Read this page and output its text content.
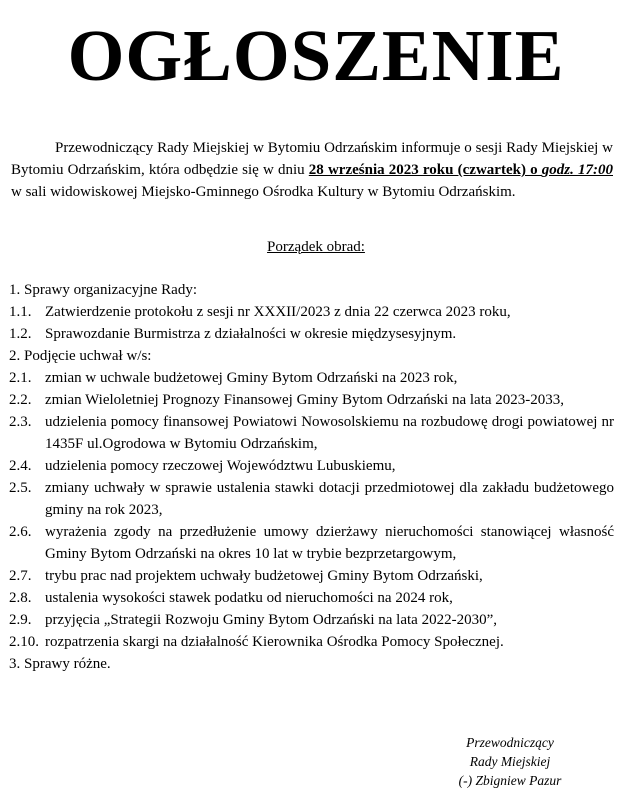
OGŁOSZENIE
Przewodniczący Rady Miejskiej w Bytomiu Odrzańskim informuje o sesji Rady Miejskiej w Bytomiu Odrzańskim, która odbędzie się w dniu 28 września 2023 roku (czwartek) o godz. 17:00 w sali widowiskowej Miejsko-Gminnego Ośrodka Kultury w Bytomiu Odrzańskim.
Porządek obrad:
1. Sprawy organizacyjne Rady:
1.1. Zatwierdzenie protokołu z sesji nr XXXII/2023 z dnia 22 czerwca 2023 roku,
1.2. Sprawozdanie Burmistrza z działalności w okresie międzysesyjnym.
2. Podjęcie uchwał w/s:
2.1. zmian w uchwale budżetowej Gminy Bytom Odrzański na 2023 rok,
2.2. zmian Wieloletniej Prognozy Finansowej Gminy Bytom Odrzański na lata 2023-2033,
2.3. udzielenia pomocy finansowej Powiatowi Nowosolskiemu na rozbudowę drogi powiatowej nr 1435F ul.Ogrodowa w Bytomiu Odrzańskim,
2.4. udzielenia pomocy rzeczowej Województwu Lubuskiemu,
2.5. zmiany uchwały w sprawie ustalenia stawki dotacji przedmiotowej dla zakładu budżetowego gminy na rok 2023,
2.6. wyrażenia zgody na przedłużenie umowy dzierżawy nieruchomości stanowiącej własność Gminy Bytom Odrzański na okres 10 lat w trybie bezprzetargowym,
2.7. trybu prac nad projektem uchwały budżetowej Gminy Bytom Odrzański,
2.8. ustalenia wysokości stawek podatku od nieruchomości na 2024 rok,
2.9. przyjęcia „Strategii Rozwoju Gminy Bytom Odrzański na lata 2022-2030”,
2.10. rozpatrzenia skargi na działalność Kierownika Ośrodka Pomocy Społecznej.
3. Sprawy różne.
Przewodniczący
Rady Miejskiej
(-) Zbigniew Pazur
